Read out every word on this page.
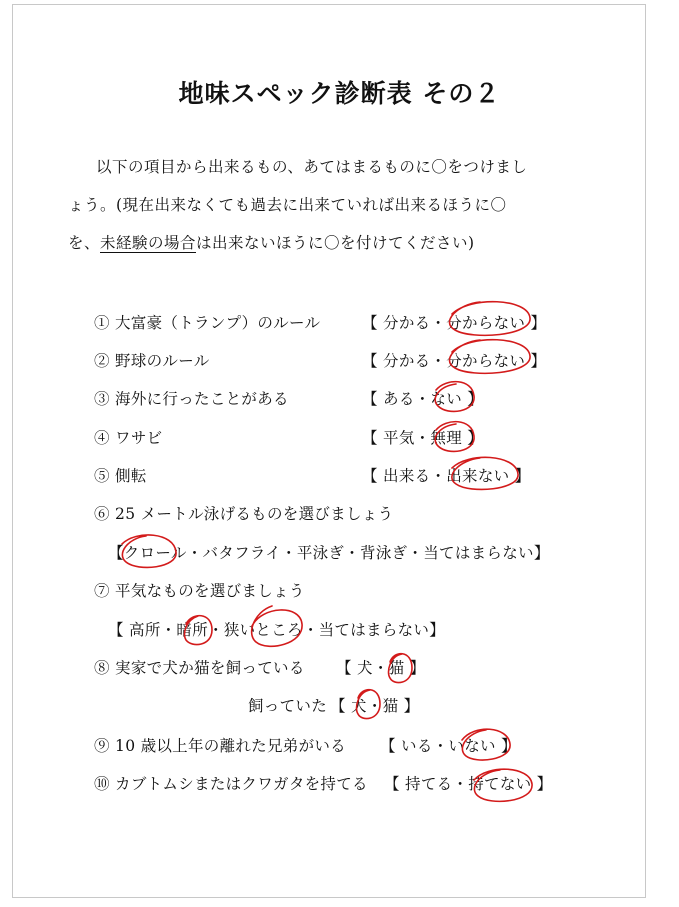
地味スペック診断表 その２
以下の項目から出来るもの、あてはまるものに〇をつけまし
ょう。(現在出来なくても過去に出来ていれば出来るほうに〇
を、未経験の場合は出来ないほうに〇を付けてください)
① 大富豪（トランプ）のルール	【 分かる・分からない 】
② 野球のルール	【 分かる・分からない 】
③ 海外に行ったことがある	【 ある・ない 】
④ ワサビ	【 平気・無理 】
⑤ 側転	【 出来る・出来ない 】
⑥ 25 メートル泳げるものを選びましょう
【クロール・バタフライ・平泳ぎ・背泳ぎ・当てはまらない】
⑦ 平気なものを選びましょう
【 高所・暗所・狭いところ・当てはまらない】
⑧ 実家で犬か猫を飼っている 【 犬・猫 】
飼っていた 【 犬・猫 】
⑨ 10 歳以上年の離れた兄弟がいる 【 いる・いない 】
⑩ カブトムシまたはクワガタを持てる 【 持てる・持てない 】
